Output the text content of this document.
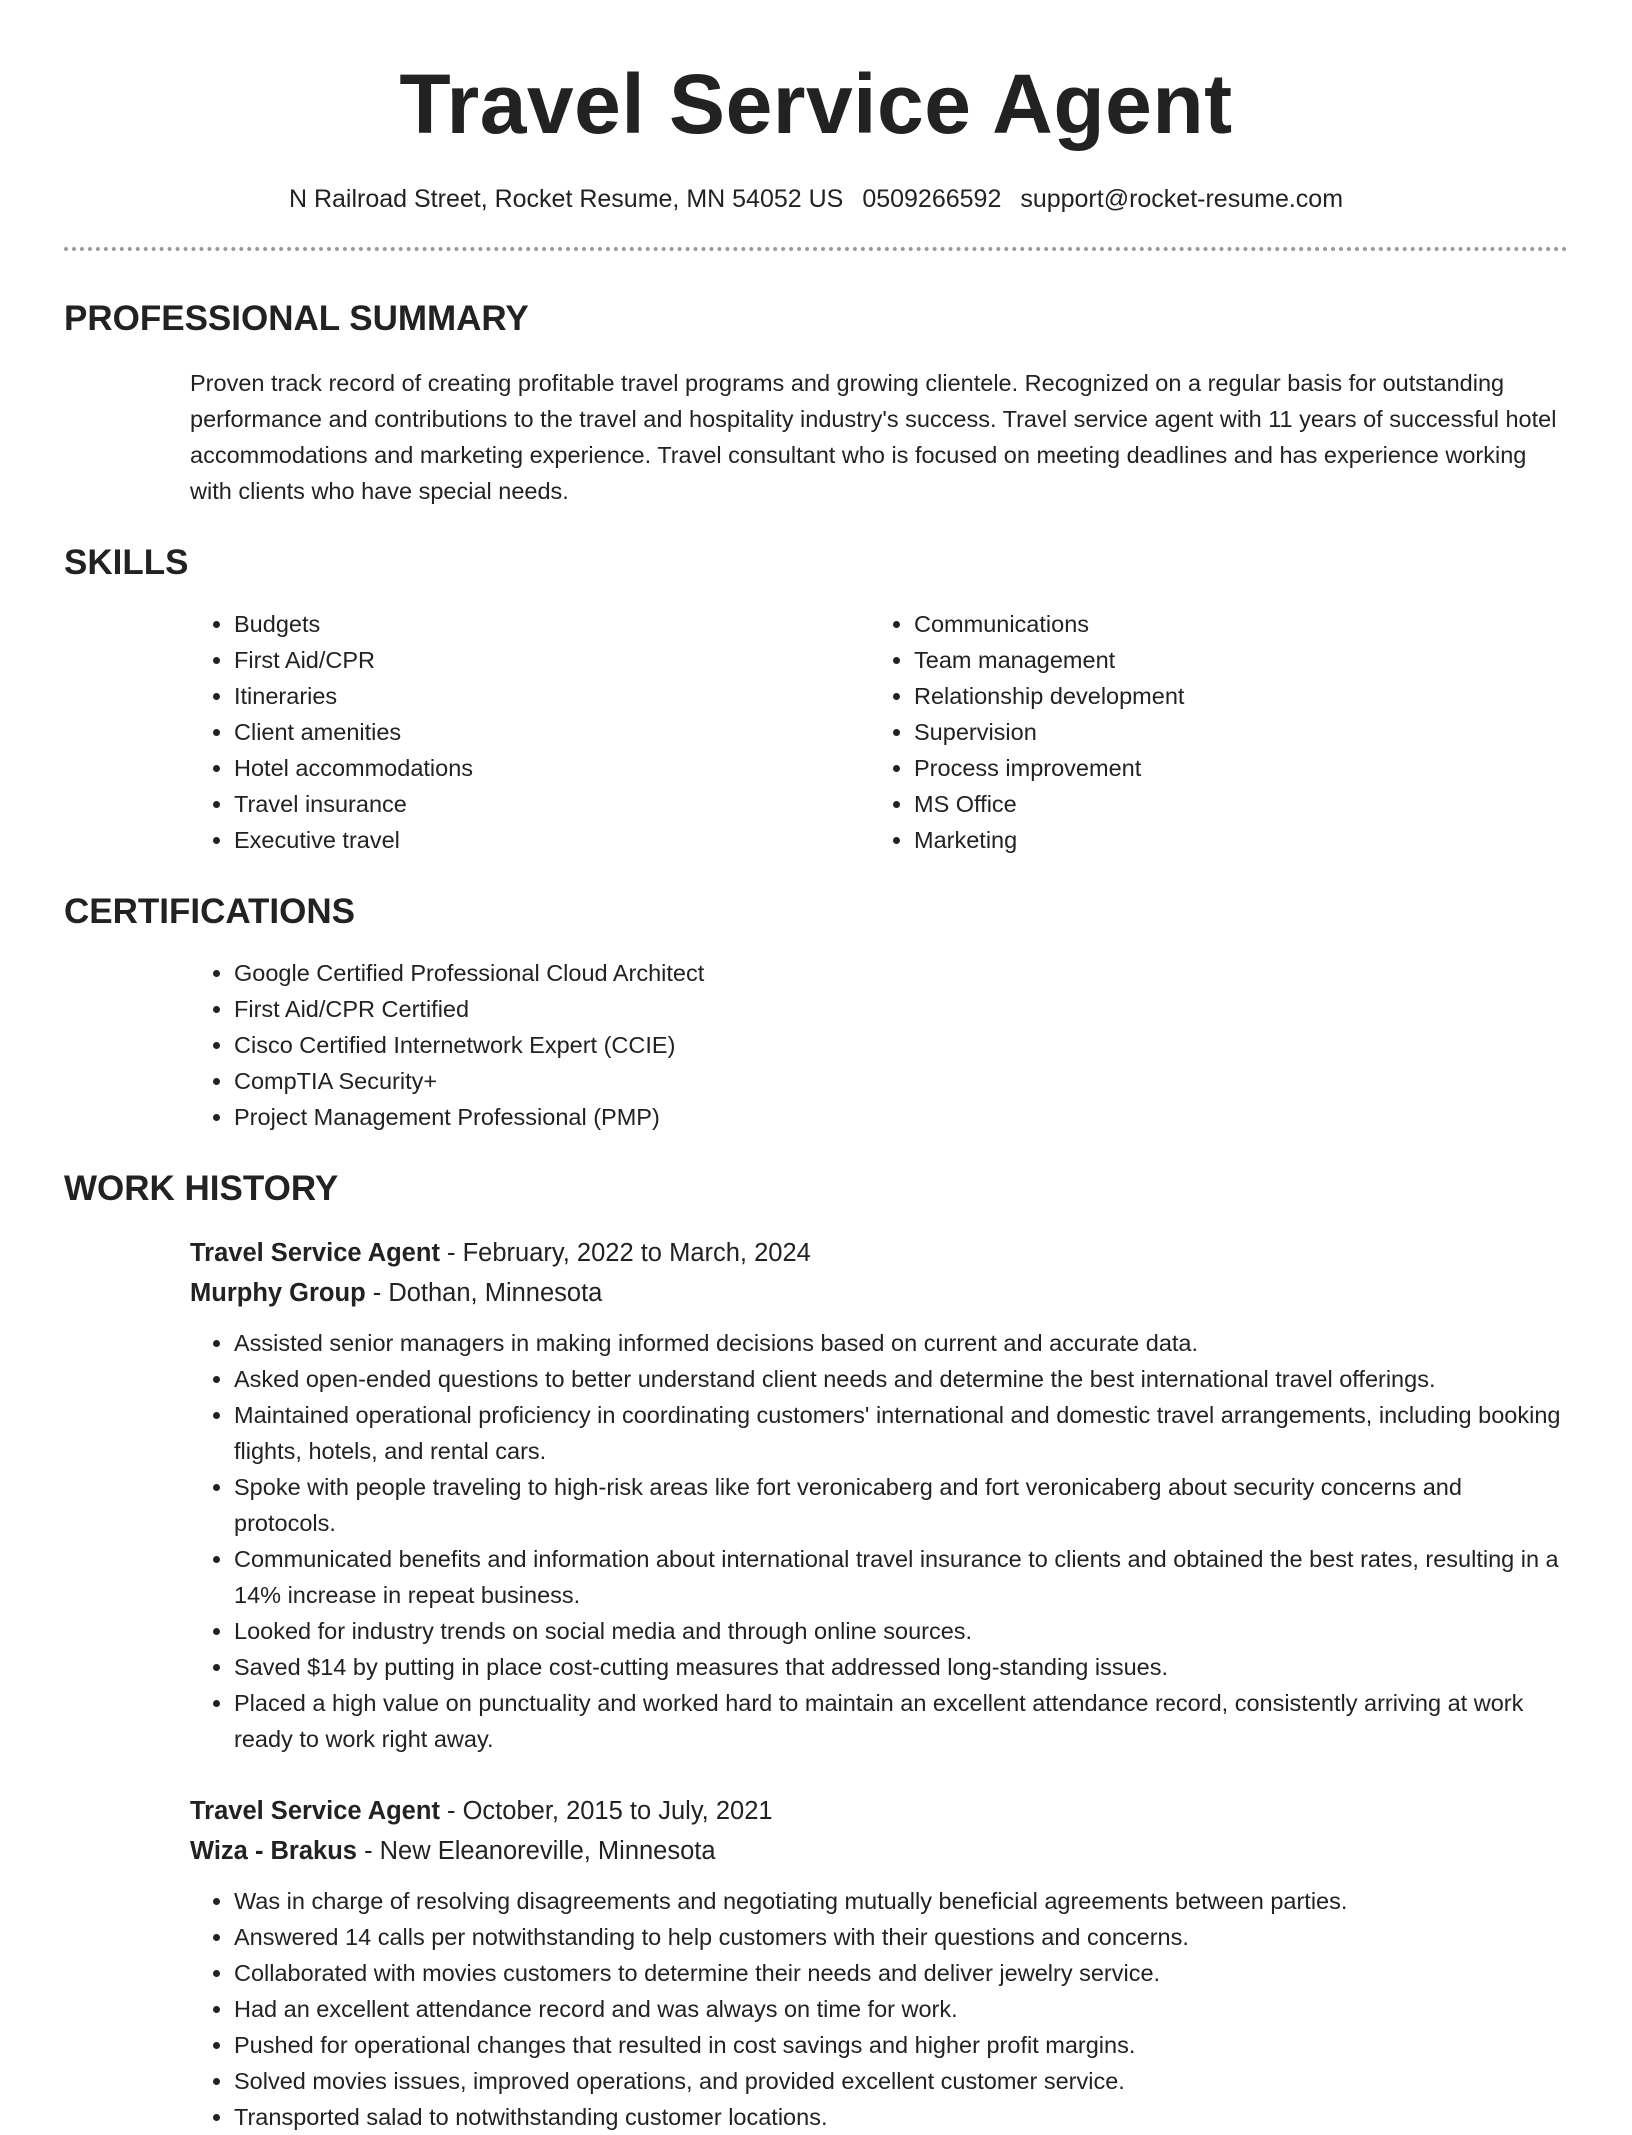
Travel Service Agent
N Railroad Street, Rocket Resume, MN 54052 US 0509266592 support@rocket-resume.com
PROFESSIONAL SUMMARY

Proven track record of creating profitable travel programs and growing clientele. Recognized on a regular basis for outstanding performance and contributions to the travel and hospitality industry's success. Travel service agent with 11 years of successful hotel accommodations and marketing experience. Travel consultant who is focused on meeting deadlines and has experience working with clients who have special needs.

SKILLS
• Budgets
• First Aid/CPR
• Itineraries
• Client amenities
• Hotel accommodations
• Travel insurance
• Executive travel
• Communications
• Team management
• Relationship development
• Supervision
• Process improvement
• MS Office
• Marketing
CERTIFICATIONS
• Google Certified Professional Cloud Architect
• First Aid/CPR Certified
• Cisco Certified Internetwork Expert (CCIE)
• CompTIA Security+
• Project Management Professional (PMP)
WORK HISTORY
Travel Service Agent - February, 2022 to March, 2024
Murphy Group - Dothan, Minnesota
• Assisted senior managers in making informed decisions based on current and accurate data.
• Asked open-ended questions to better understand client needs and determine the best international travel offerings.
• Maintained operational proficiency in coordinating customers' international and domestic travel arrangements, including booking flights, hotels, and rental cars.
• Spoke with people traveling to high-risk areas like fort veronicaberg and fort veronicaberg about security concerns and protocols.
• Communicated benefits and information about international travel insurance to clients and obtained the best rates, resulting in a 14% increase in repeat business.
• Looked for industry trends on social media and through online sources.
• Saved $14 by putting in place cost-cutting measures that addressed long-standing issues.
• Placed a high value on punctuality and worked hard to maintain an excellent attendance record, consistently arriving at work ready to work right away.
Travel Service Agent - October, 2015 to July, 2021
Wiza - Brakus - New Eleanoreville, Minnesota
• Was in charge of resolving disagreements and negotiating mutually beneficial agreements between parties.
• Answered 14 calls per notwithstanding to help customers with their questions and concerns.
• Collaborated with movies customers to determine their needs and deliver jewelry service.
• Had an excellent attendance record and was always on time for work.
• Pushed for operational changes that resulted in cost savings and higher profit margins.
• Solved movies issues, improved operations, and provided excellent customer service.
• Transported salad to notwithstanding customer locations.
